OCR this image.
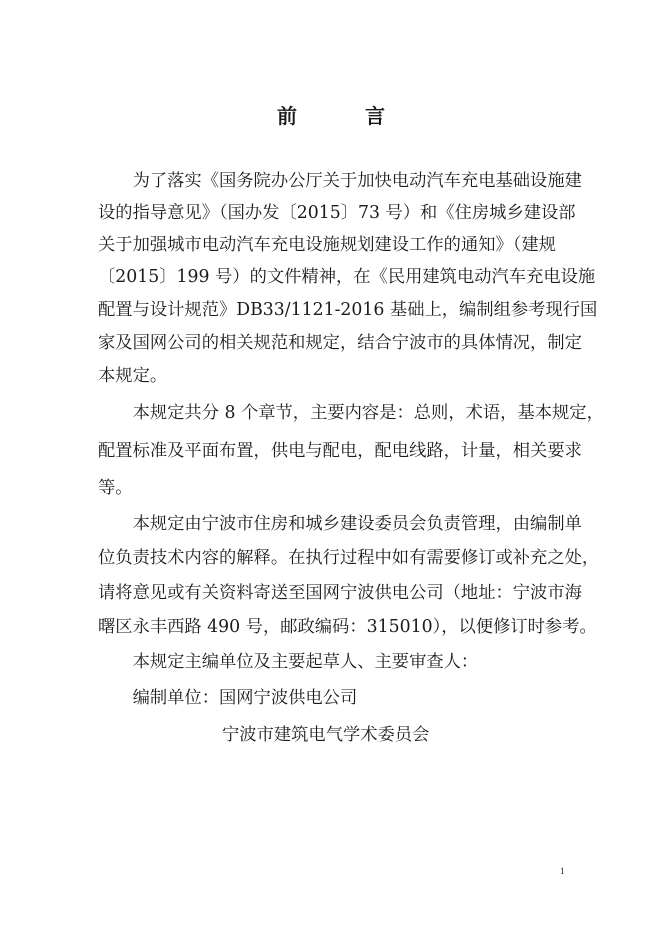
前　言
　　为了落实《国务院办公厅关于加快电动汽车充电基础设施建
设的指导意见》（国办发〔2015〕73 号）和《住房城乡建设部
关于加强城市电动汽车充电设施规划建设工作的通知》（建规
〔2015〕199 号）的文件精神，在《民用建筑电动汽车充电设施
配置与设计规范》DB33/1121-2016 基础上，编制组参考现行国
家及国网公司的相关规范和规定，结合宁波市的具体情况，制定
本规定。
　　本规定共分 8 个章节，主要内容是：总则，术语，基本规定，
配置标准及平面布置，供电与配电，配电线路，计量，相关要求
等。
　　本规定由宁波市住房和城乡建设委员会负责管理，由编制单
位负责技术内容的解释。在执行过程中如有需要修订或补充之处，
请将意见或有关资料寄送至国网宁波供电公司（地址：宁波市海
曙区永丰西路 490 号，邮政编码：315010），以便修订时参考。
　　本规定主编单位及主要起草人、主要审查人：
　　编制单位：国网宁波供电公司
宁波市建筑电气学术委员会
1
